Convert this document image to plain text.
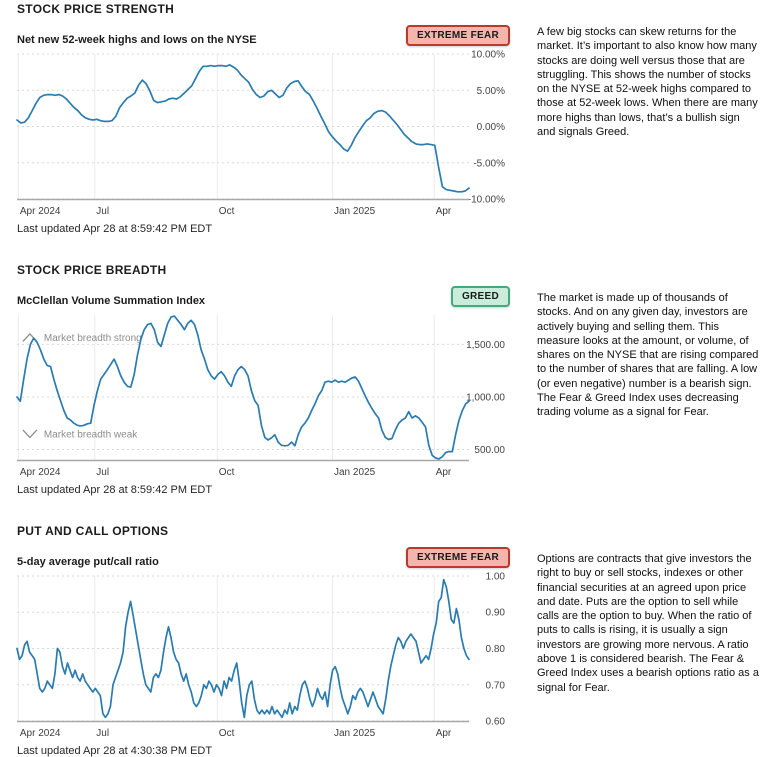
STOCK PRICE STRENGTH
Net new 52-week highs and lows on the NYSE	EXTREME FEAR
10.00%
5.00%
0.00%
-5.00%
-10.00%
Apr 2024	Jul	Oct	Jan 2025	Apr
Last updated Apr 28 at 8:59:42 PM EDT
A few big stocks can skew returns for the market. It’s important to also know how many stocks are doing well versus those that are struggling. This shows the number of stocks on the NYSE at 52-week highs compared to those at 52-week lows. When there are many more highs than lows, that’s a bullish sign and signals Greed.
STOCK PRICE BREADTH
McClellan Volume Summation Index	GREED
1,500.00
1,000.00
500.00
Apr 2024	Jul	Oct	Jan 2025	Apr
Market breadth strong
Market breadth weak
Last updated Apr 28 at 8:59:42 PM EDT
The market is made up of thousands of stocks. And on any given day, investors are actively buying and selling them. This measure looks at the amount, or volume, of shares on the NYSE that are rising compared to the number of shares that are falling. A low (or even negative) number is a bearish sign. The Fear & Greed Index uses decreasing trading volume as a signal for Fear.
PUT AND CALL OPTIONS
5-day average put/call ratio	EXTREME FEAR
1.00
0.90
0.80
0.70
0.60
Apr 2024	Jul	Oct	Jan 2025	Apr
Last updated Apr 28 at 4:30:38 PM EDT
Options are contracts that give investors the right to buy or sell stocks, indexes or other financial securities at an agreed upon price and date. Puts are the option to sell while calls are the option to buy. When the ratio of puts to calls is rising, it is usually a sign investors are growing more nervous. A ratio above 1 is considered bearish. The Fear & Greed Index uses a bearish options ratio as a signal for Fear.
